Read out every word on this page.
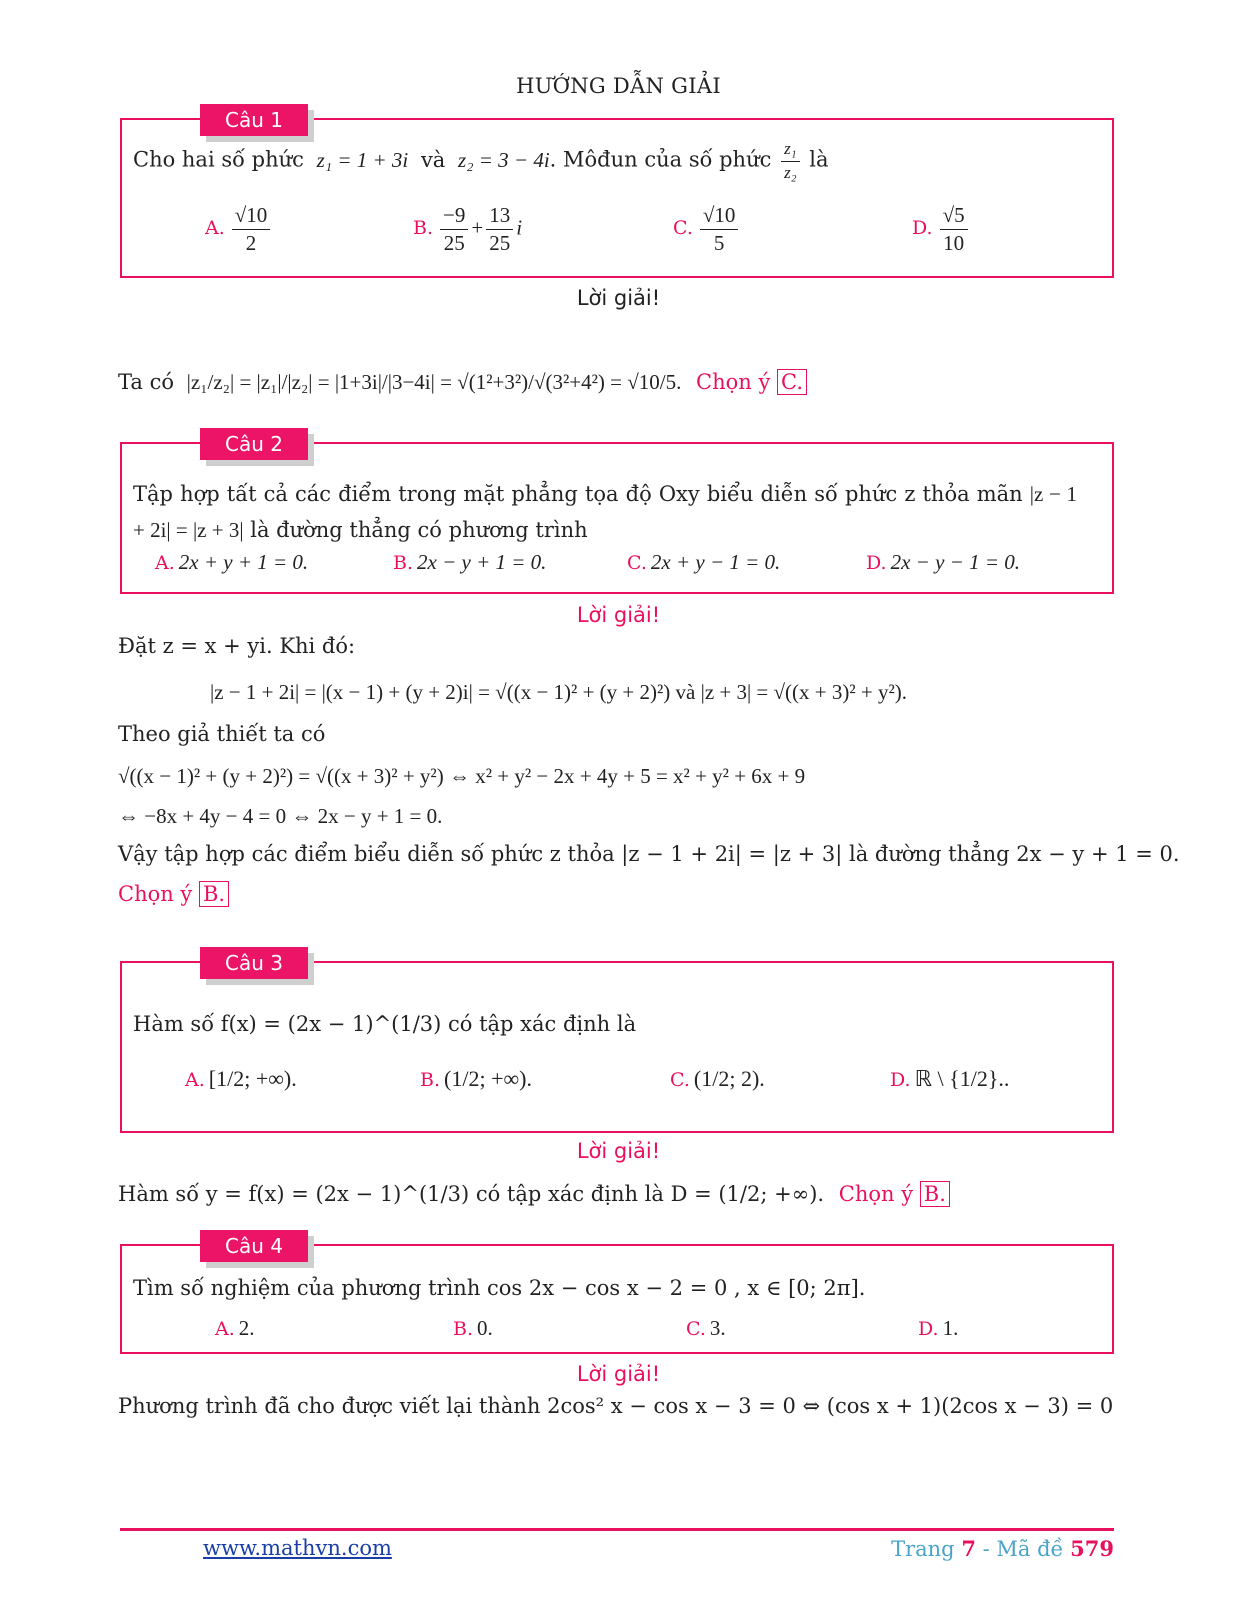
HƯỚNG DẪN GIẢI
Câu 1
Cho hai số phức z₁ = 1 + 3i và z₂ = 3 − 4i. Môđun của số phức $\frac{\text{z₁}}{\text{z₂}}$ là
A. $\frac{√10}{2}$	B. $\frac{-9}{25} + \frac{13}{25}$ i	C. $\frac{√10}{5}$	D. $\frac{√5}{10}$
Lời giải!
Ta có |z₁/z₂| = |z₁|/|z₂| = |1+3i|/|3−4i| = √(1²+3²)/√(3²+4²) = √10/5. Chọn ý C.
Câu 2
Tập hợp tất cả các điểm trong mặt phẳng tọa độ Oxy biểu diễn số phức z thỏa mãn |z − 1 + 2i| = |z + 3| là đường thẳng có phương trình
A. 2x + y + 1 = 0.	B. 2x − y + 1 = 0.	C. 2x + y − 1 = 0.	D. 2x − y − 1 = 0.
Lời giải!
Đặt z = x + yi. Khi đó:
|z − 1 + 2i| = |(x − 1) + (y + 2)i| = √((x − 1)² + (y + 2)²) và |z + 3| = √((x + 3)² + y²).
Theo giả thiết ta có
√((x − 1)² + (y + 2)²) = √((x + 3)² + y²) ⇔ x² + y² − 2x + 4y + 5 = x² + y² + 6x + 9
⇔ −8x + 4y − 4 = 0 ⇔ 2x − y + 1 = 0.
Vậy tập hợp các điểm biểu diễn số phức z thỏa |z − 1 + 2i| = |z + 3| là đường thẳng 2x − y + 1 = 0.
Chọn ý B.
Câu 3
Hàm số f(x) = (2x − 1)^(1/3) có tập xác định là
A. [1/2; +∞).	B. (1/2; +∞).	C. (1/2; 2).	D. ℝ \ {1/2}..
Lời giải!
Hàm số y = f(x) = (2x − 1)^(1/3) có tập xác định là D = (1/2; +∞). Chọn ý B.
Câu 4
Tìm số nghiệm của phương trình cos 2x − cos x − 2 = 0 , x ∈ [0; 2π].
A. 2.	B. 0.	C. 3.	D. 1.
Lời giải!
Phương trình đã cho được viết lại thành 2cos² x − cos x − 3 = 0 ⇔ (cos x + 1)(2cos x − 3) = 0
www.mathvn.com	Trang 7 - Mã đề 579
